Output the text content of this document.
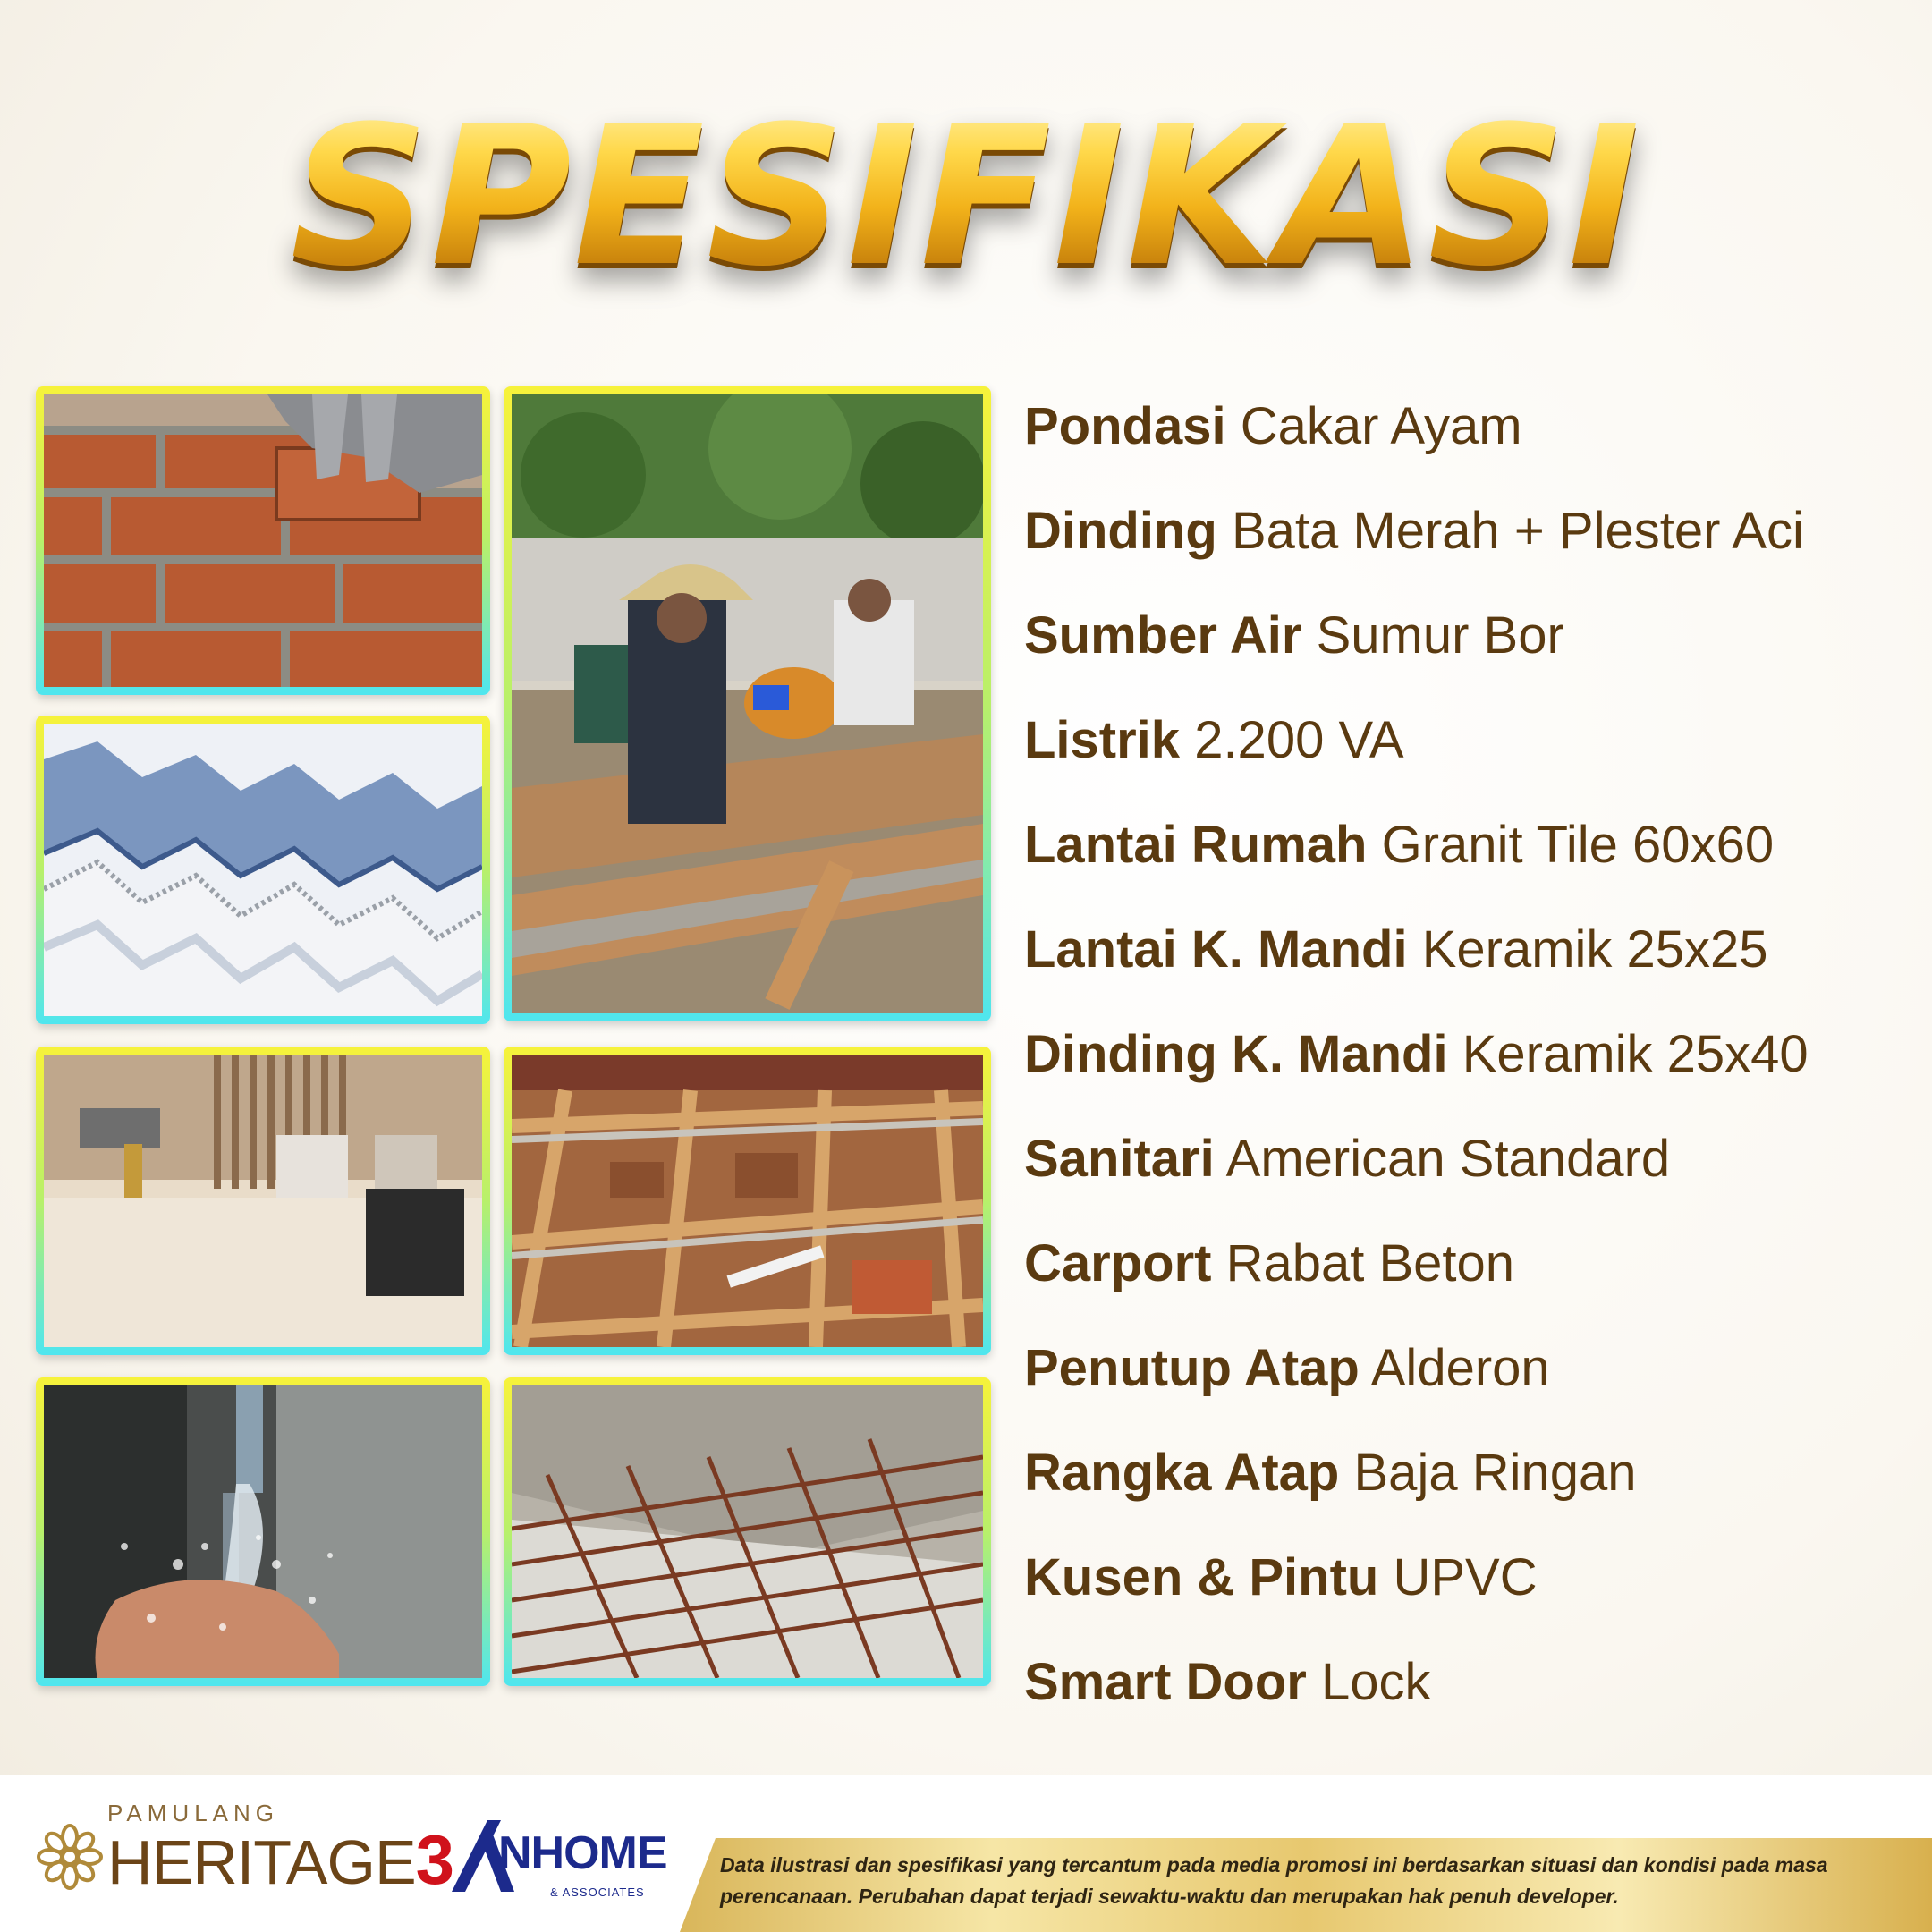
SPESIFIKASI
Pondasi Cakar Ayam
Dinding Bata Merah + Plester Aci
Sumber Air Sumur Bor
Listrik 2.200 VA
Lantai Rumah Granit Tile 60x60
Lantai K. Mandi Keramik 25x25
Dinding K. Mandi Keramik 25x40
Sanitari American Standard
Carport Rabat Beton
Penutup Atap Alderon
Rangka Atap Baja Ringan
Kusen & Pintu UPVC
Smart Door Lock
Data ilustrasi dan spesifikasi yang tercantum pada media promosi ini berdasarkan situasi dan kondisi pada masa perencanaan. Perubahan dapat terjadi sewaktu-waktu dan merupakan hak penuh developer.
PAMULANG
HERITAGE3 NHOME
& ASSOCIATES
